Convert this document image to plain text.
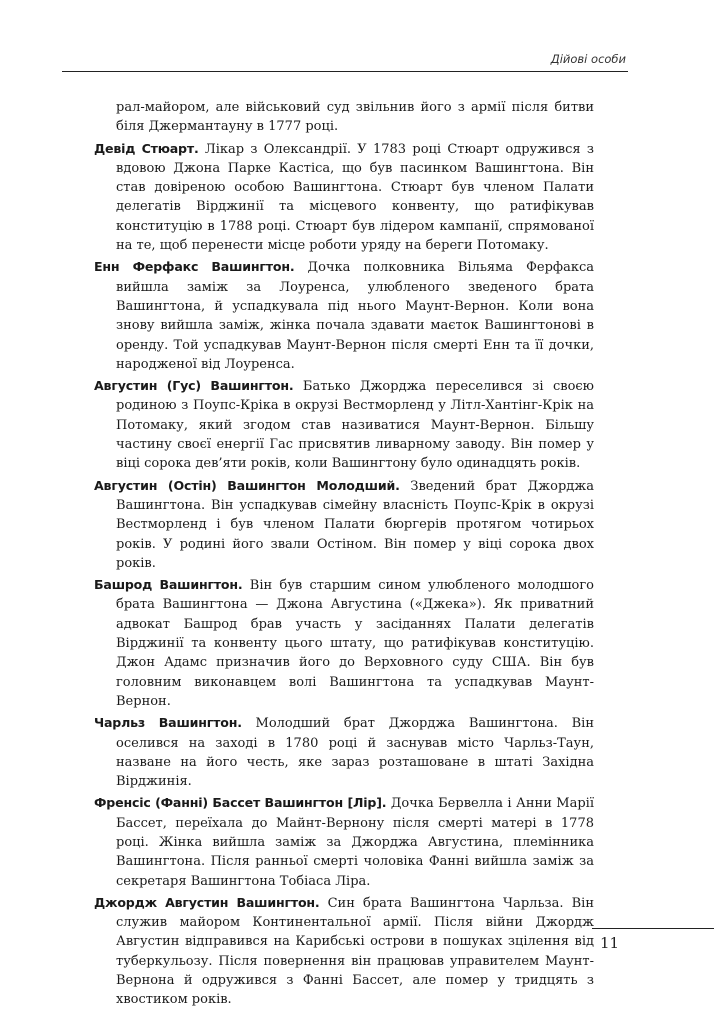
Дійові особи

рал-майором, але військовий суд звільнив його з армії після битви біля Джермантауну в 1777 році.

Девід Стюарт. Лікар з Олександрії. У 1783 році Стюарт одружився з вдовою Джона Парке Кастіса, що був пасинком Вашингтона. Він став довіреною особою Вашингтона. Стюарт був членом Палати делегатів Вірджинії та місцевого конвенту, що ратифікував конституцію в 1788 році. Стюарт був лідером кампанії, спрямованої на те, щоб перенести місце роботи уряду на береги Потомаку.

Енн Ферфакс Вашингтон. Дочка полковника Вільяма Ферфакса вийшла заміж за Лоуренса, улюбленого зведеного брата Вашингтона, й успадкувала під нього Маунт-Вернон. Коли вона знову вийшла заміж, жінка почала здавати маєток Вашингтонові в оренду. Той успадкував Маунт-Вернон після смерті Енн та її дочки, народженої від Лоуренса.

Августин (Гус) Вашингтон. Батько Джорджа переселився зі своєю родиною з Поупс-Кріка в окрузі Вестморленд у Літл-Хантінг-Крік на Потомаку, який згодом став називатися Маунт-Вернон. Більшу частину своєї енергії Гас присвятив ливарному заводу. Він помер у віці сорока дев’яти років, коли Вашингтону було одинадцять років.

Августин (Остін) Вашингтон Молодший. Зведений брат Джорджа Вашингтона. Він успадкував сімейну власність Поупс-Крік в окрузі Вестморленд і був членом Палати бюргерів протягом чотирьох років. У родині його звали Остіном. Він помер у віці сорока двох років.

Башрод Вашингтон. Він був старшим сином улюбленого молодшого брата Вашингтона — Джона Августина («Джека»). Як приватний адвокат Башрод брав участь у засіданнях Палати делегатів Вірджинії та конвенту цього штату, що ратифікував конституцію. Джон Адамс призначив його до Верховного суду США. Він був головним виконавцем волі Вашингтона та успадкував Маунт-Вернон.

Чарльз Вашингтон. Молодший брат Джорджа Вашингтона. Він оселився на заході в 1780 році й заснував місто Чарльз-Таун, назване на його честь, яке зараз розташоване в штаті Західна Вірджинія.

Френсіс (Фанні) Бассет Вашингтон [Лір]. Дочка Бервелла і Анни Марії Бассет, переїхала до Майнт-Вернону після смерті матері в 1778 році. Жінка вийшла заміж за Джорджа Августина, племінника Вашингтона. Після ранньої смерті чоловіка Фанні вийшла заміж за секретаря Вашингтона Тобіаса Ліра.

Джордж Августин Вашингтон. Син брата Вашингтона Чарльза. Він служив майором Континентальної армії. Після війни Джордж Августин відправився на Карибські острови в пошуках зцілення від туберкульозу. Після повернення він працював управителем Маунт-Вернона й одружився з Фанні Бассет, але помер у тридцять з хвостиком років.

11
